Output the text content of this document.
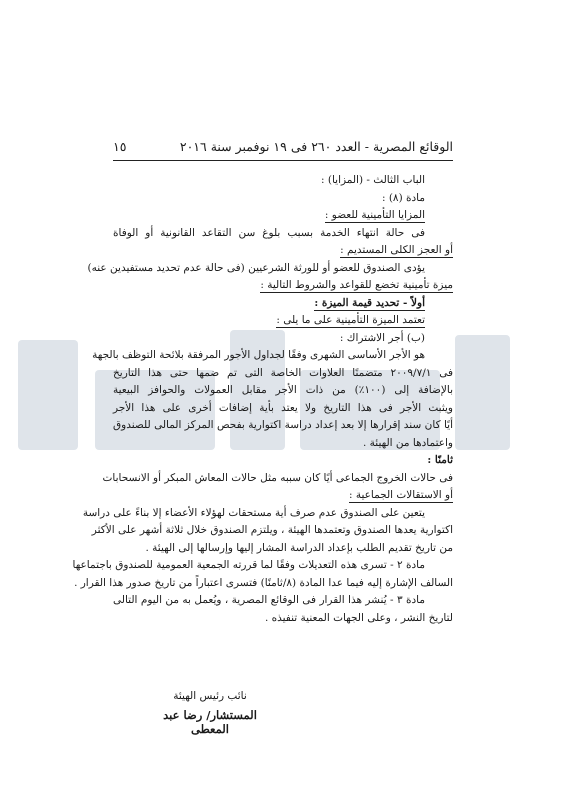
الوقائع المصرية - العدد ٢٦٠ فى ١٩ نوفمبر سنة ٢٠١٦
١٥
الباب الثالث - (المزايا) :
مادة (٨) :
المزايا التأمينية للعضو :
فى حالة انتهاء الخدمة بسبب بلوغ سن التقاعد القانونية أو الوفاة
أو العجز الكلى المستديم :
يؤدى الصندوق للعضو أو للورثة الشرعيين (فى حالة عدم تحديد مستفيدين عنه)
ميزة تأمينية تخضع للقواعد والشروط التالية :
أولاً - تحديد قيمة الميزة :
تعتمد الميزة التأمينية على ما يلى :
(ب) أجر الاشتراك :
هو الأجر الأساسى الشهرى وفقًا لجداول الأجور المرفقة بلائحة التوظف بالجهة
فى ٢٠٠٩/٧/١ متضمنًا العلاوات الخاصة التى تم ضمها حتى هذا التاريخ
بالإضافة إلى (١٠٠٪) من ذات الأجر مقابل العمولات والحوافز البيعية
ويثبت الأجر فى هذا التاريخ ولا يعتد بأية إضافات أخرى على هذا الأجر
أيًا كان سند إقرارها إلا بعد إعداد دراسة اكتوارية بفحص المركز المالى للصندوق
واعتمادها من الهيئة .
ثامنًا :
فى حالات الخروج الجماعى أيًا كان سببه مثل حالات المعاش المبكر أو الانسحابات
أو الاستقالات الجماعية :
يتعين على الصندوق عدم صرف أية مستحقات لهؤلاء الأعضاء إلا بناءً على دراسة
اكتوارية يعدها الصندوق وتعتمدها الهيئة ، ويلتزم الصندوق خلال ثلاثة أشهر على الأكثر
من تاريخ تقديم الطلب بإعداد الدراسة المشار إليها وإرسالها إلى الهيئة .
مادة ٢ - تسرى هذه التعديلات وفقًا لما قررته الجمعية العمومية للصندوق باجتماعها
السالف الإشارة إليه فيما عدا المادة (٨/ثامنًا) فتسرى اعتباراً من تاريخ صدور هذا القرار .
مادة ٣ - يُنشر هذا القرار فى الوقائع المصرية ، ويُعمل به من اليوم التالى
لتاريخ النشر ، وعلى الجهات المعنية تنفيذه .
نائب رئيس الهيئة
المستشار/ رضا عبد المعطى
